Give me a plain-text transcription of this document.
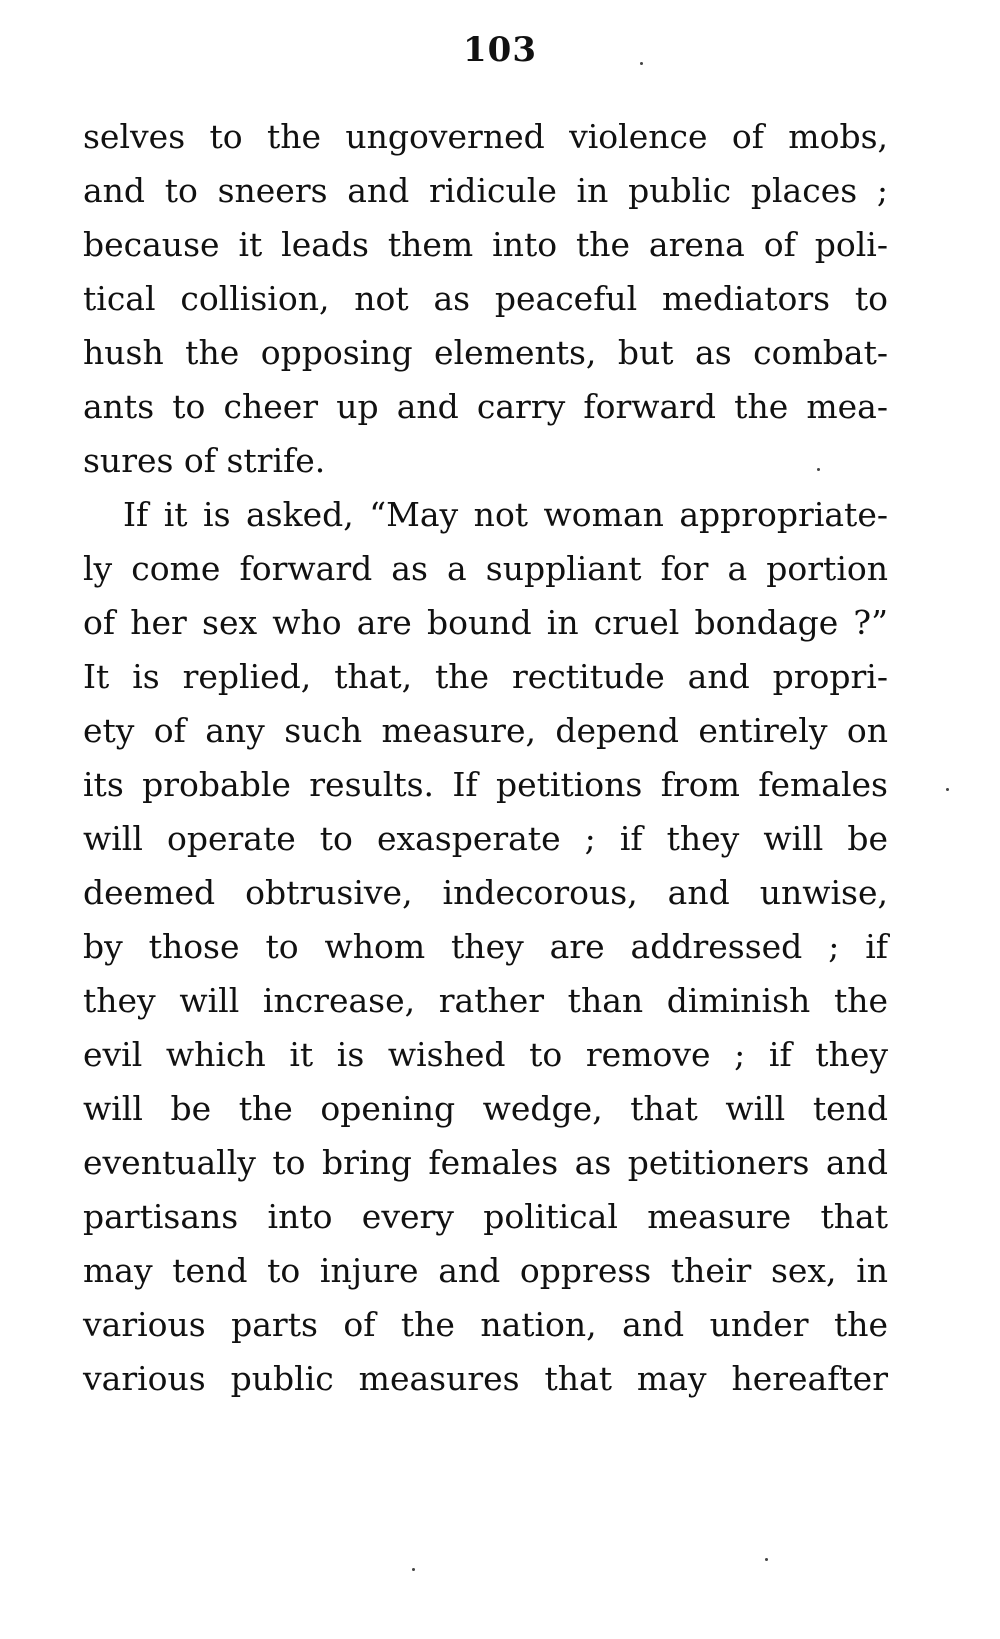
103

selves to the ungoverned violence of mobs,
and to sneers and ridicule in public places ;
because it leads them into the arena of poli-
tical collision, not as peaceful mediators to
hush the opposing elements, but as combat-
ants to cheer up and carry forward the mea-
sures of strife.
If it is asked, “May not woman appropriate-
ly come forward as a suppliant for a portion
of her sex who are bound in cruel bondage ?”
It is replied, that, the rectitude and propri-
ety of any such measure, depend entirely on
its probable results. If petitions from females
will operate to exasperate ; if they will be
deemed obtrusive, indecorous, and unwise,
by those to whom they are addressed ; if
they will increase, rather than diminish the
evil which it is wished to remove ; if they
will be the opening wedge, that will tend
eventually to bring females as petitioners and
partisans into every political measure that
may tend to injure and oppress their sex, in
various parts of the nation, and under the
various public measures that may hereafter
